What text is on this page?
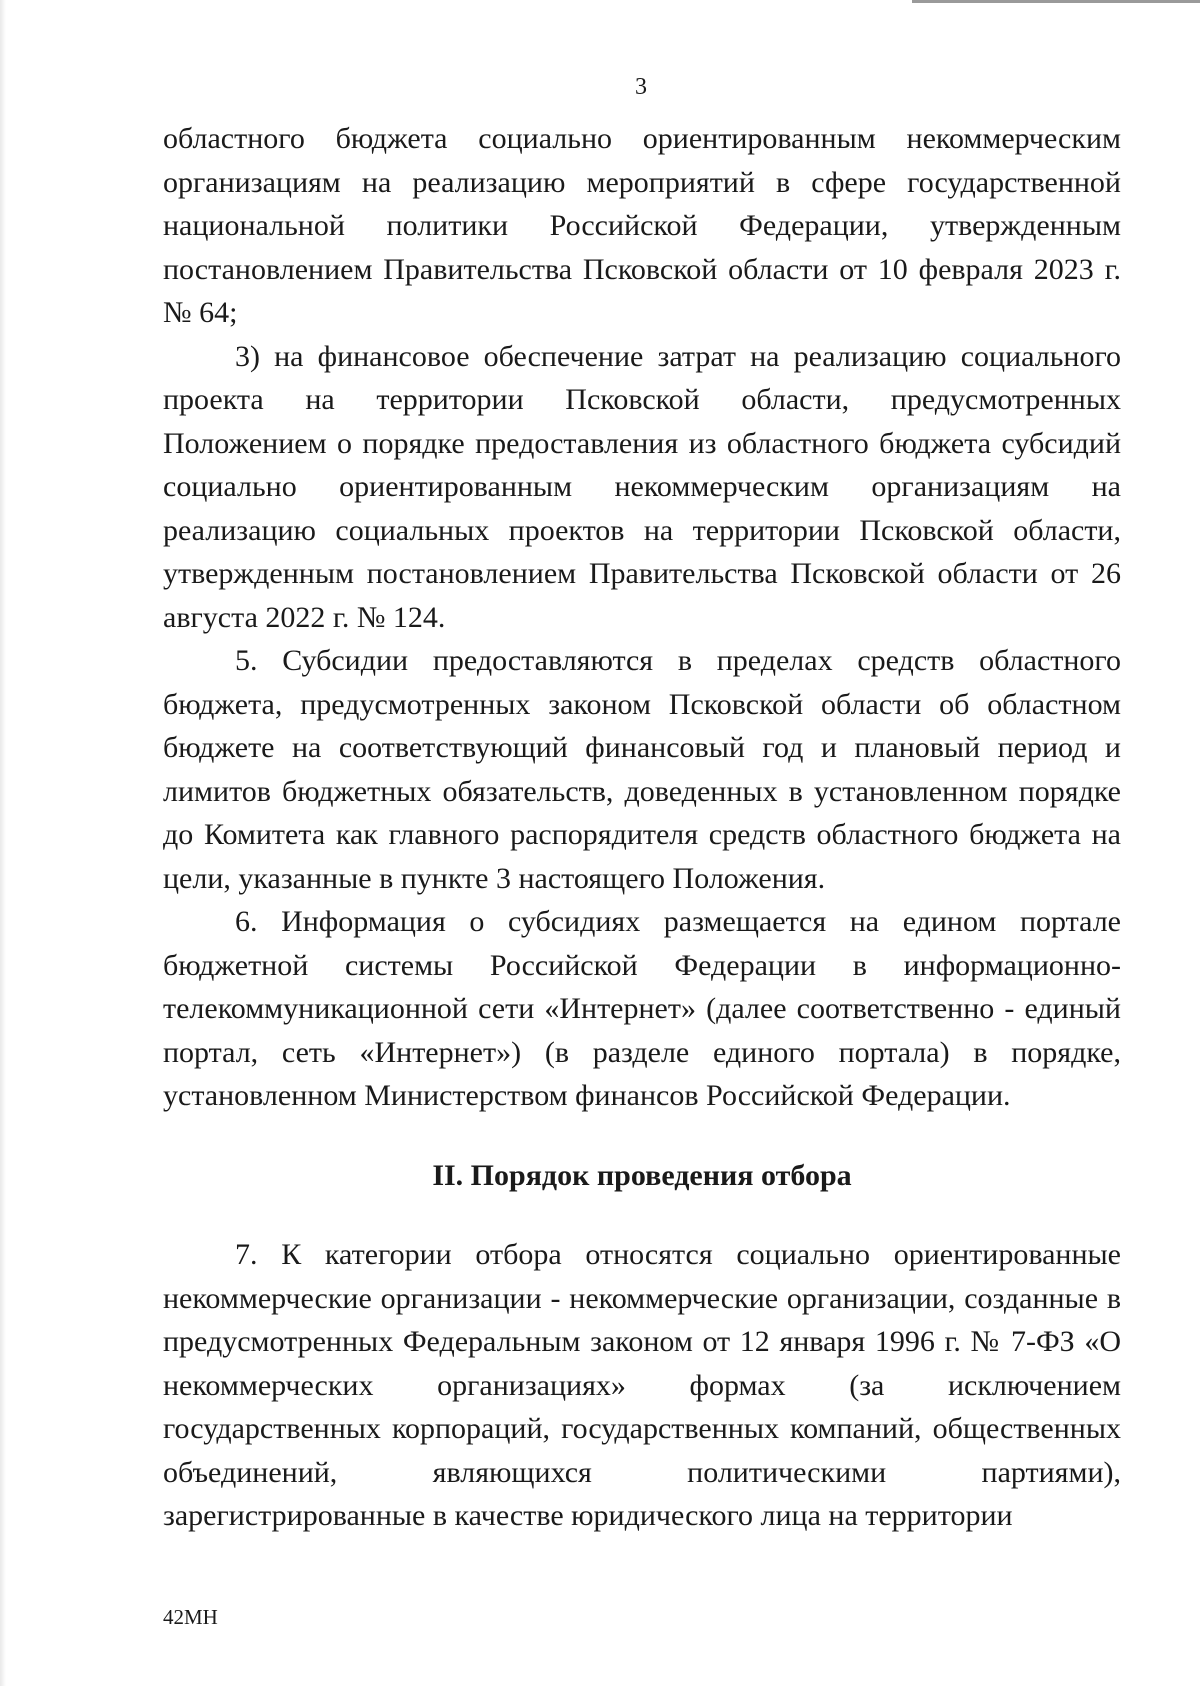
3

областного бюджета социально ориентированным некоммерческим организациям на реализацию мероприятий в сфере государственной национальной политики Российской Федерации, утвержденным постановлением Правительства Псковской области от 10 февраля 2023 г. № 64;

3) на финансовое обеспечение затрат на реализацию социального проекта на территории Псковской области, предусмотренных Положением о порядке предоставления из областного бюджета субсидий социально ориентированным некоммерческим организациям на реализацию социальных проектов на территории Псковской области, утвержденным постановлением Правительства Псковской области от 26 августа 2022 г. № 124.

5. Субсидии предоставляются в пределах средств областного бюджета, предусмотренных законом Псковской области об областном бюджете на соответствующий финансовый год и плановый период и лимитов бюджетных обязательств, доведенных в установленном порядке до Комитета как главного распорядителя средств областного бюджета на цели, указанные в пункте 3 настоящего Положения.

6. Информация о субсидиях размещается на едином портале бюджетной системы Российской Федерации в информационно-телекоммуникационной сети «Интернет» (далее соответственно - единый портал, сеть «Интернет») (в разделе единого портала) в порядке, установленном Министерством финансов Российской Федерации.

II. Порядок проведения отбора

7. К категории отбора относятся социально ориентированные некоммерческие организации - некоммерческие организации, созданные в предусмотренных Федеральным законом от 12 января 1996 г. № 7-ФЗ «О некоммерческих организациях» формах (за исключением государственных корпораций, государственных компаний, общественных объединений, являющихся политическими партиями), зарегистрированные в качестве юридического лица на территории

42МН
